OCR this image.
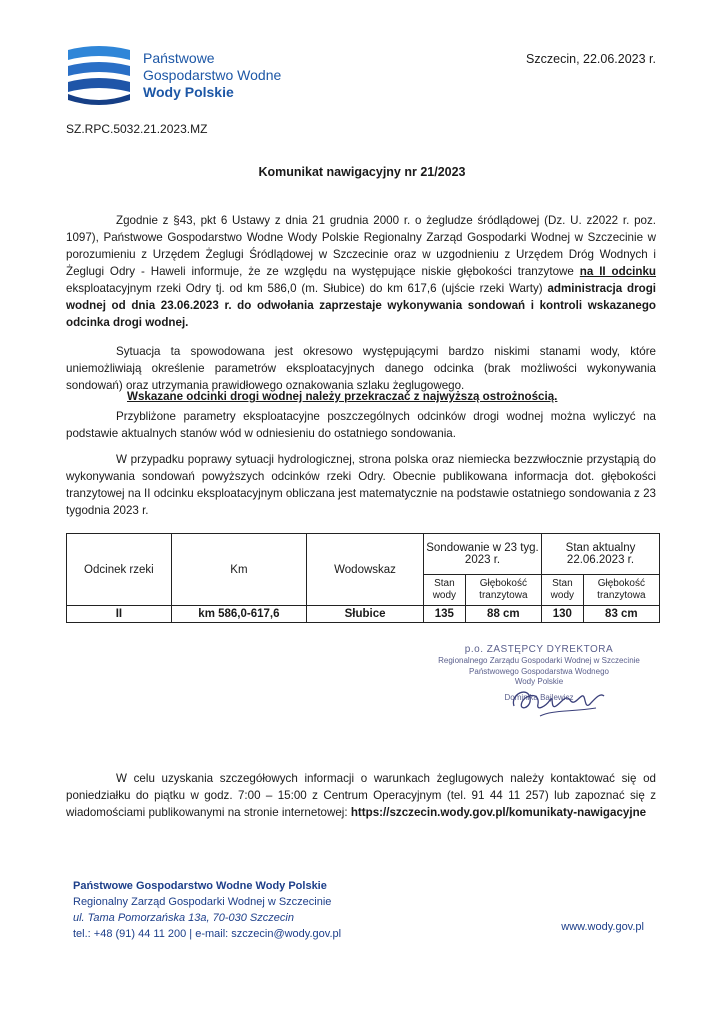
Państwowe
Gospodarstwo Wodne
Wody Polskie
Szczecin, 22.06.2023 r.
SZ.RPC.5032.21.2023.MZ
Komunikat nawigacyjny nr 21/2023
Zgodnie z §43, pkt 6 Ustawy z dnia 21 grudnia 2000 r. o żegludze śródlądowej (Dz. U. z2022 r. poz. 1097), Państwowe Gospodarstwo Wodne Wody Polskie Regionalny Zarząd Gospodarki Wodnej w Szczecinie w porozumieniu z Urzędem Żeglugi Śródlądowej w Szczecinie oraz w uzgodnieniu z Urzędem Dróg Wodnych i Żeglugi Odry - Haweli informuje, że ze względu na występujące niskie głębokości tranzytowe na II odcinku eksploatacyjnym rzeki Odry tj. od km 586,0 (m. Słubice) do km 617,6 (ujście rzeki Warty) administracja drogi wodnej od dnia 23.06.2023 r. do odwołania zaprzestaje wykonywania sondowań i kontroli wskazanego odcinka drogi wodnej.
Sytuacja ta spowodowana jest okresowo występującymi bardzo niskimi stanami wody, które uniemożliwiają określenie parametrów eksploatacyjnych danego odcinka (brak możliwości wykonywania sondowań) oraz utrzymania prawidłowego oznakowania szlaku żeglugowego.
Wskazane odcinki drogi wodnej należy przekraczać z najwyższą ostrożnością.
Przybliżone parametry eksploatacyjne poszczególnych odcinków drogi wodnej można wyliczyć na podstawie aktualnych stanów wód w odniesieniu do ostatniego sondowania.
W przypadku poprawy sytuacji hydrologicznej, strona polska oraz niemiecka bezzwłocznie przystąpią do wykonywania sondowań powyższych odcinków rzeki Odry. Obecnie publikowana informacja dot. głębokości tranzytowej na II odcinku eksploatacyjnym obliczana jest matematycznie na podstawie ostatniego sondowania z 23 tygodnia 2023 r.
Odcinek rzeki	Km	Wodowskaz	Sondowanie w 23 tyg. 2023 r.		Stan aktualny 22.06.2023 r.	
			Stan wody	Głębokość tranzytowa	Stan wody	Głębokość tranzytowa
II	km 586,0-617,6	Słubice	135	88 cm	130	83 cm
p.o. ZASTĘPCY DYREKTORA
Regionalnego Zarządu Gospodarki Wodnej w Szczecinie
Państwowego Gospodarstwa Wodnego
Wody Polskie
Dominika Bajlewicz
W celu uzyskania szczegółowych informacji o warunkach żeglugowych należy kontaktować się od poniedziałku do piątku w godz. 7:00 – 15:00 z Centrum Operacyjnym (tel. 91 44 11 257) lub zapoznać się z wiadomościami publikowanymi na stronie internetowej: https://szczecin.wody.gov.pl/komunikaty-nawigacyjne
Państwowe Gospodarstwo Wodne Wody Polskie
Regionalny Zarząd Gospodarki Wodnej w Szczecinie
ul. Tama Pomorzańska 13a, 70-030 Szczecin
tel.: +48 (91) 44 11 200 | e-mail: szczecin@wody.gov.pl
www.wody.gov.pl
